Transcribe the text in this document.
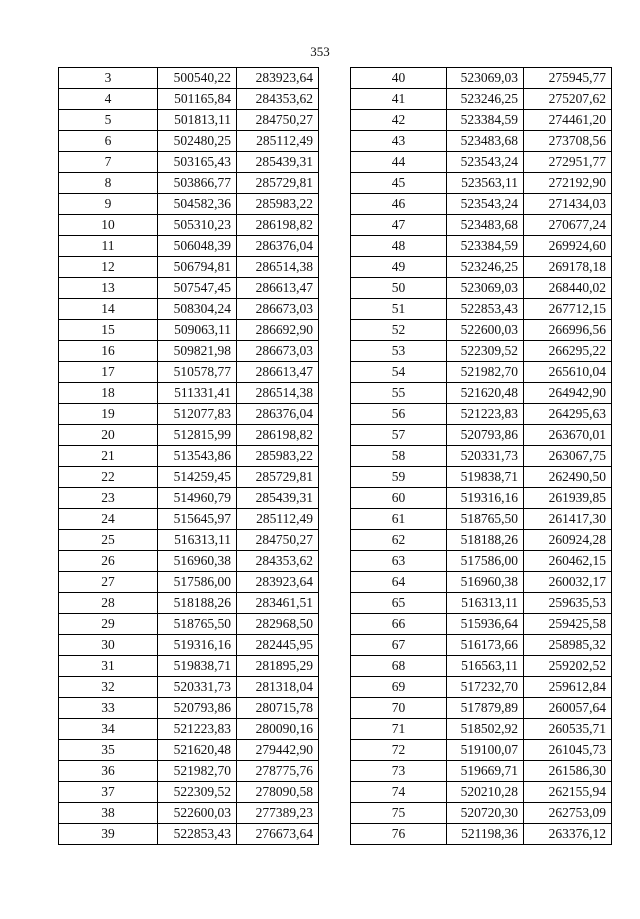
353
3	500540,22	283923,64
4	501165,84	284353,62
5	501813,11	284750,27
6	502480,25	285112,49
7	503165,43	285439,31
8	503866,77	285729,81
9	504582,36	285983,22
10	505310,23	286198,82
11	506048,39	286376,04
12	506794,81	286514,38
13	507547,45	286613,47
14	508304,24	286673,03
15	509063,11	286692,90
16	509821,98	286673,03
17	510578,77	286613,47
18	511331,41	286514,38
19	512077,83	286376,04
20	512815,99	286198,82
21	513543,86	285983,22
22	514259,45	285729,81
23	514960,79	285439,31
24	515645,97	285112,49
25	516313,11	284750,27
26	516960,38	284353,62
27	517586,00	283923,64
28	518188,26	283461,51
29	518765,50	282968,50
30	519316,16	282445,95
31	519838,71	281895,29
32	520331,73	281318,04
33	520793,86	280715,78
34	521223,83	280090,16
35	521620,48	279442,90
36	521982,70	278775,76
37	522309,52	278090,58
38	522600,03	277389,23
39	522853,43	276673,64
40	523069,03	275945,77
41	523246,25	275207,62
42	523384,59	274461,20
43	523483,68	273708,56
44	523543,24	272951,77
45	523563,11	272192,90
46	523543,24	271434,03
47	523483,68	270677,24
48	523384,59	269924,60
49	523246,25	269178,18
50	523069,03	268440,02
51	522853,43	267712,15
52	522600,03	266996,56
53	522309,52	266295,22
54	521982,70	265610,04
55	521620,48	264942,90
56	521223,83	264295,63
57	520793,86	263670,01
58	520331,73	263067,75
59	519838,71	262490,50
60	519316,16	261939,85
61	518765,50	261417,30
62	518188,26	260924,28
63	517586,00	260462,15
64	516960,38	260032,17
65	516313,11	259635,53
66	515936,64	259425,58
67	516173,66	258985,32
68	516563,11	259202,52
69	517232,70	259612,84
70	517879,89	260057,64
71	518502,92	260535,71
72	519100,07	261045,73
73	519669,71	261586,30
74	520210,28	262155,94
75	520720,30	262753,09
76	521198,36	263376,12
